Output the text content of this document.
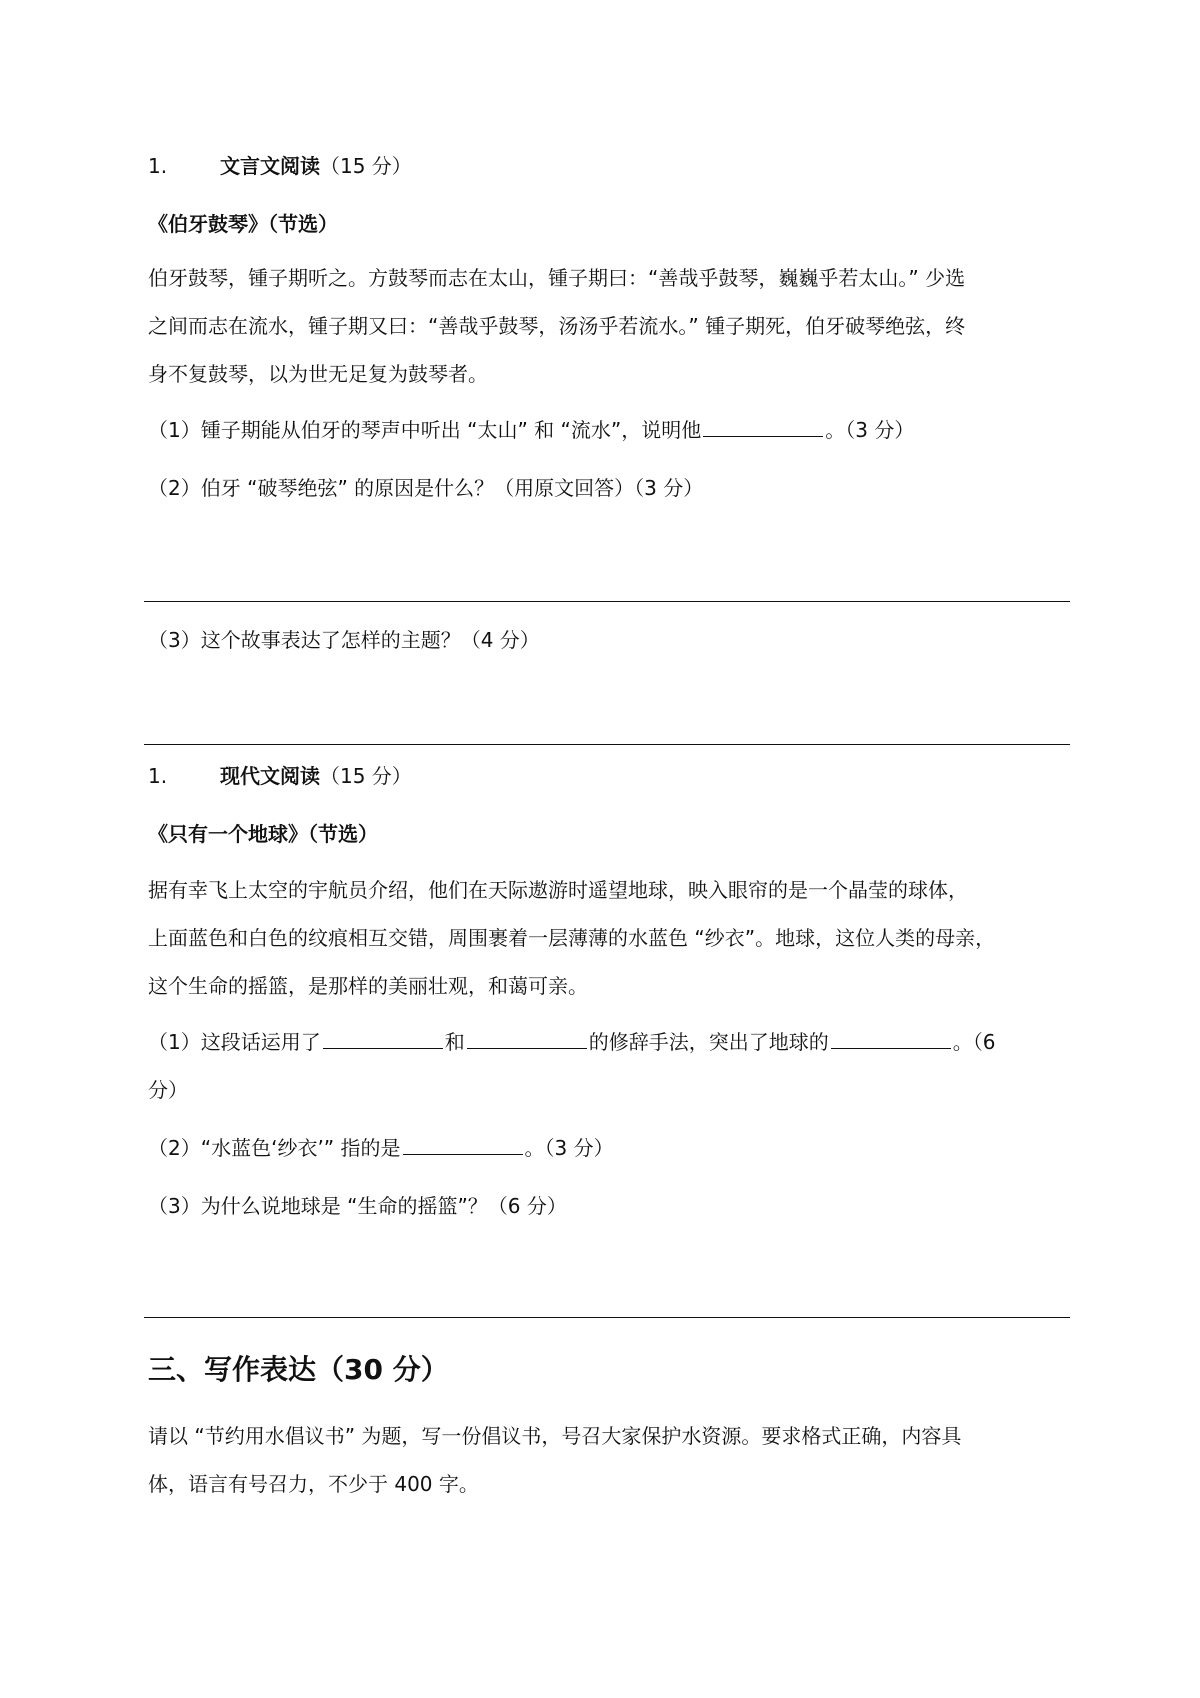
1.	文言文阅读（15 分）

《伯牙鼓琴》（节选）

伯牙鼓琴，锺子期听之。方鼓琴而志在太山，锺子期曰：“善哉乎鼓琴，巍巍乎若太山。” 少选

之间而志在流水，锺子期又曰：“善哉乎鼓琴，汤汤乎若流水。” 锺子期死，伯牙破琴绝弦，终

身不复鼓琴，以为世无足复为鼓琴者。

（1）锺子期能从伯牙的琴声中听出 “太山” 和 “流水”，说明他	。（3 分）

（2）伯牙 “破琴绝弦” 的原因是什么？（用原文回答）（3 分）

（3）这个故事表达了怎样的主题？（4 分）

1.	现代文阅读（15 分）

《只有一个地球》（节选）

据有幸飞上太空的宇航员介绍，他们在天际遨游时遥望地球，映入眼帘的是一个晶莹的球体，

上面蓝色和白色的纹痕相互交错，周围裹着一层薄薄的水蓝色 “纱衣”。地球，这位人类的母亲，

这个生命的摇篮，是那样的美丽壮观，和蔼可亲。

（1）这段话运用了	和	的修辞手法，突出了地球的	。（6

分）

（2）“水蓝色‘纱衣’” 指的是	。（3 分）

（3）为什么说地球是 “生命的摇篮”？（6 分）

三、写作表达（30 分）

请以 “节约用水倡议书” 为题，写一份倡议书，号召大家保护水资源。要求格式正确，内容具

体，语言有号召力，不少于 400 字。
